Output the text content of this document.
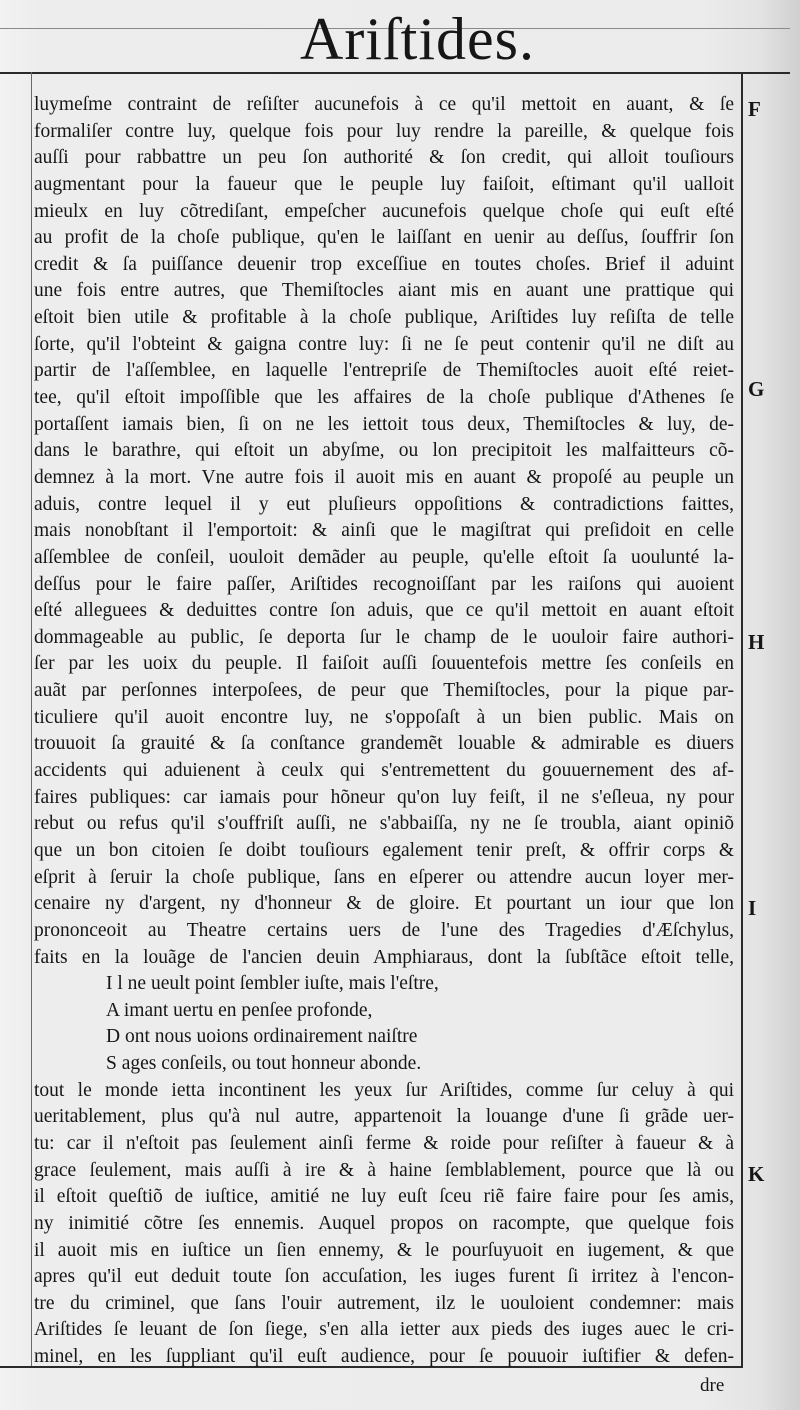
Ariſtides.
F
G
H
I
K
luymeſme contraint de reſiſter aucunefois à ce qu'il mettoit en auant, & ſe
formaliſer contre luy, quelque fois pour luy rendre la pareille, & quelque fois
auſſi pour rabbattre un peu ſon authorité & ſon credit, qui alloit touſiours
augmentant pour la faueur que le peuple luy faiſoit, eſtimant qu'il ualloit
mieulx en luy cõtrediſant, empeſcher aucunefois quelque choſe qui euſt eſté
au profit de la choſe publique, qu'en le laiſſant en uenir au deſſus, ſouffrir ſon
credit & ſa puiſſance deuenir trop exceſſiue en toutes choſes. Brief il aduint
une fois entre autres, que Themiſtocles aiant mis en auant une prattique qui
eſtoit bien utile & profitable à la choſe publique, Ariſtides luy reſiſta de telle
ſorte, qu'il l'obteint & gaigna contre luy: ſi ne ſe peut contenir qu'il ne diſt au
partir de l'aſſemblee, en laquelle l'entrepriſe de Themiſtocles auoit eſté reiet-
tee, qu'il eſtoit impoſſible que les affaires de la choſe publique d'Athenes ſe
portaſſent iamais bien, ſi on ne les iettoit tous deux, Themiſtocles & luy, de-
dans le barathre, qui eſtoit un abyſme, ou lon precipitoit les malfaitteurs cõ-
demnez à la mort. Vne autre fois il auoit mis en auant & propoſé au peuple un
aduis, contre lequel il y eut pluſieurs oppoſitions & contradictions faittes,
mais nonobſtant il l'emportoit: & ainſi que le magiſtrat qui preſidoit en celle
aſſemblee de conſeil, uouloit demãder au peuple, qu'elle eſtoit ſa uoulunté la-
deſſus pour le faire paſſer, Ariſtides recognoiſſant par les raiſons qui auoient
eſté alleguees & deduittes contre ſon aduis, que ce qu'il mettoit en auant eſtoit
dommageable au public, ſe deporta ſur le champ de le uouloir faire authori-
ſer par les uoix du peuple. Il faiſoit auſſi ſouuentefois mettre ſes conſeils en
auãt par perſonnes interpoſees, de peur que Themiſtocles, pour la pique par-
ticuliere qu'il auoit encontre luy, ne s'oppoſaſt à un bien public. Mais on
trouuoit ſa grauité & ſa conſtance grandemẽt louable & admirable es diuers
accidents qui aduienent à ceulx qui s'entremettent du gouuernement des af-
faires publiques: car iamais pour hõneur qu'on luy feiſt, il ne s'eſleua, ny pour
rebut ou refus qu'il s'ouffriſt auſſi, ne s'abbaiſſa, ny ne ſe troubla, aiant opiniõ
que un bon citoien ſe doibt touſiours egalement tenir preſt, & offrir corps &
eſprit à ſeruir la choſe publique, ſans en eſperer ou attendre aucun loyer mer-
cenaire ny d'argent, ny d'honneur & de gloire. Et pourtant un iour que lon
prononceoit au Theatre certains uers de l'une des Tragedies d'Æſchylus,
faits en la louãge de l'ancien deuin Amphiaraus, dont la ſubſtãce eſtoit telle,
I l ne ueult point ſembler iuſte, mais l'eſtre,
A imant uertu en penſee profonde,
D ont nous uoions ordinairement naiſtre
S ages conſeils, ou tout honneur abonde.
tout le monde ietta incontinent les yeux ſur Ariſtides, comme ſur celuy à qui
ueritablement, plus qu'à nul autre, appartenoit la louange d'une ſi grãde uer-
tu: car il n'eſtoit pas ſeulement ainſi ferme & roide pour reſiſter à faueur & à
grace ſeulement, mais auſſi à ire & à haine ſemblablement, pource que là ou
il eſtoit queſtiõ de iuſtice, amitié ne luy euſt ſceu riẽ faire faire pour ſes amis,
ny inimitié cõtre ſes ennemis. Auquel propos on racompte, que quelque fois
il auoit mis en iuſtice un ſien ennemy, & le pourſuyuoit en iugement, & que
apres qu'il eut deduit toute ſon accuſation, les iuges furent ſi irritez à l'encon-
tre du criminel, que ſans l'ouir autrement, ilz le uouloient condemner: mais
Ariſtides ſe leuant de ſon ſiege, s'en alla ietter aux pieds des iuges auec le cri-
minel, en les ſuppliant qu'il euſt audience, pour ſe pouuoir iuſtifier & defen-
dre
